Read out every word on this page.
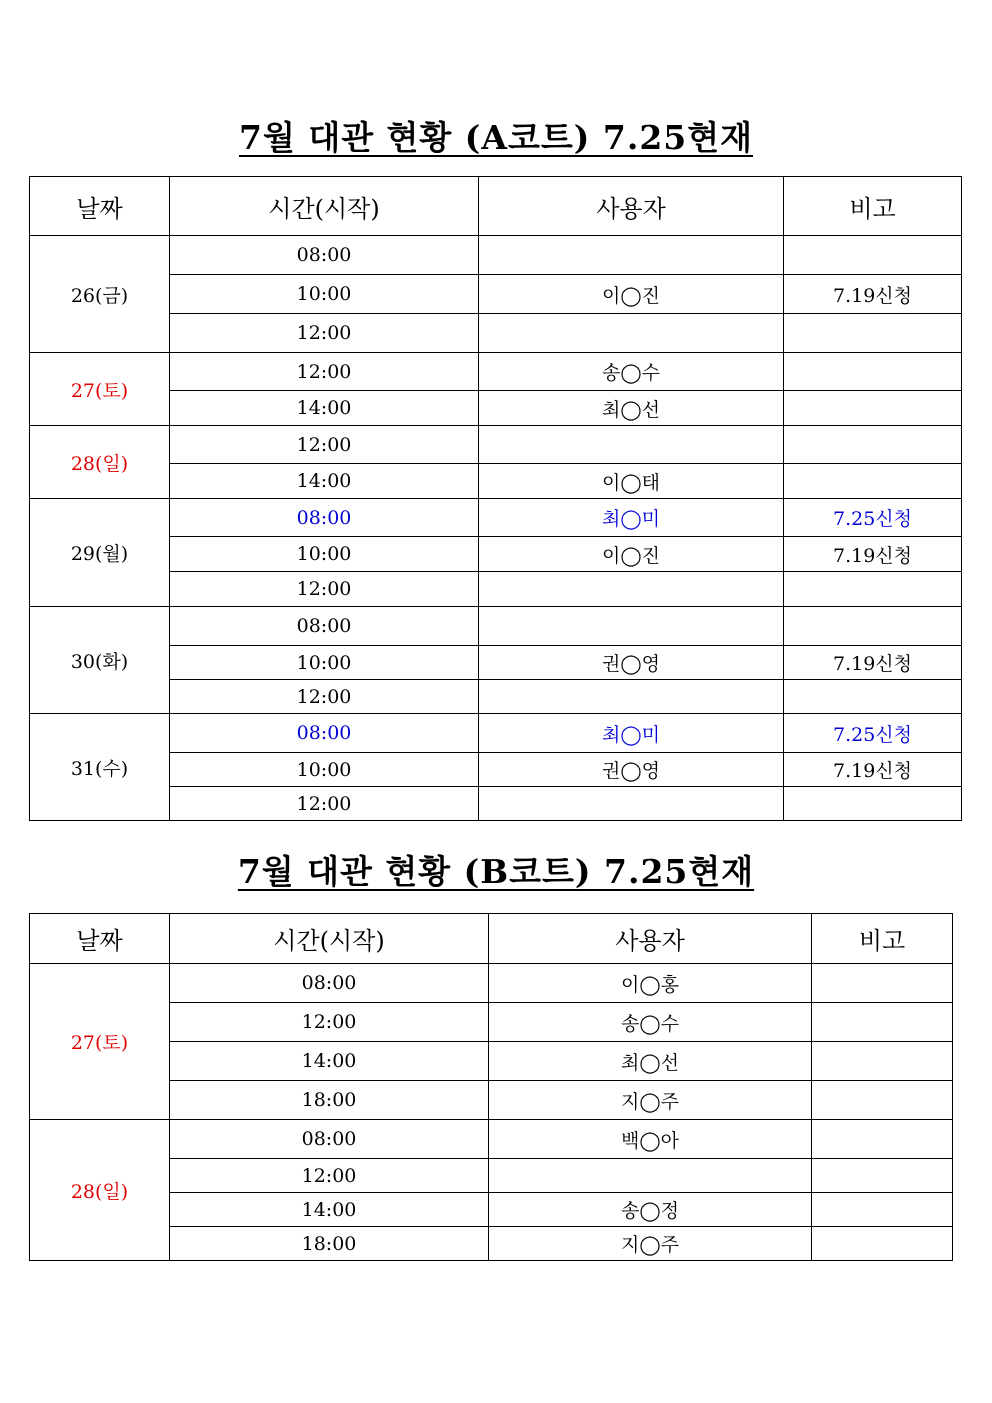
7월 대관 현황 (A코트) 7.25현재
날짜	시간(시작)	사용자	비고
26(금)	08:00		
	10:00	이◯진	7.19신청
	12:00		
27(토)	12:00	송◯수	
	14:00	최◯선	
28(일)	12:00		
	14:00	이◯태	
29(월)	08:00	최◯미	7.25신청
	10:00	이◯진	7.19신청
	12:00		
30(화)	08:00		
	10:00	권◯영	7.19신청
	12:00		
31(수)	08:00	최◯미	7.25신청
	10:00	권◯영	7.19신청
	12:00		
7월 대관 현황 (B코트) 7.25현재
날짜	시간(시작)	사용자	비고
27(토)	08:00	이◯홍	
	12:00	송◯수	
	14:00	최◯선	
	18:00	지◯주	
28(일)	08:00	백◯아	
	12:00		
	14:00	송◯정	
	18:00	지◯주	
